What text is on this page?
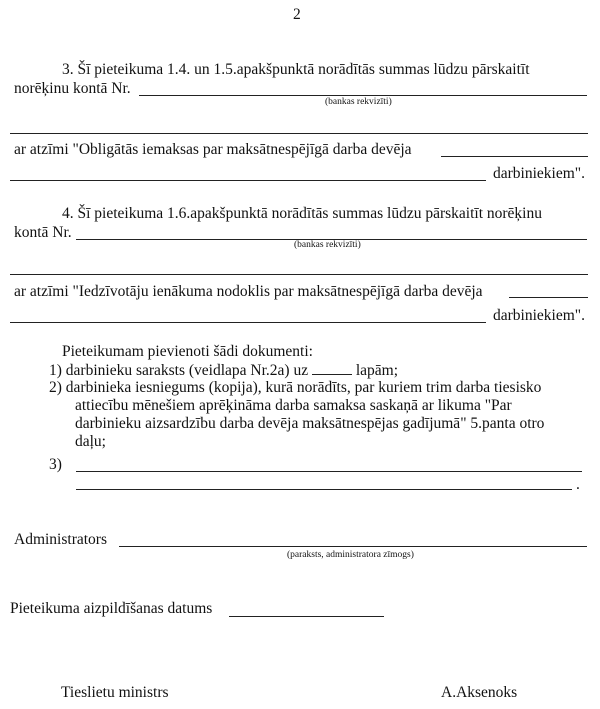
2
3. Šī pieteikuma 1.4. un 1.5.apakšpunktā norādītās summas lūdzu pārskaitīt
norēķinu kontā Nr.
(bankas rekvizīti)
ar atzīmi "Obligātās iemaksas par maksātnespējīgā darba devēja
darbiniekiem".
4. Šī pieteikuma 1.6.apakšpunktā norādītās summas lūdzu pārskaitīt norēķinu
kontā Nr.
(bankas rekvizīti)
ar atzīmi "Iedzīvotāju ienākuma nodoklis par maksātnespējīgā darba devēja
darbiniekiem".
Pieteikumam pievienoti šādi dokumenti:
1) darbinieku saraksts (veidlapa Nr.2a) uz	lapām;
2) darbinieka iesniegums (kopija), kurā norādīts, par kuriem trim darba tiesisko
attiecību mēnešiem aprēķināma darba samaksa saskaņā ar likuma "Par
darbinieku aizsardzību darba devēja maksātnespējas gadījumā" 5.panta otro
daļu;
3)
.
Administrators
(paraksts, administratora zīmogs)
Pieteikuma aizpildīšanas datums
Tieslietu ministrs	A.Aksenoks
